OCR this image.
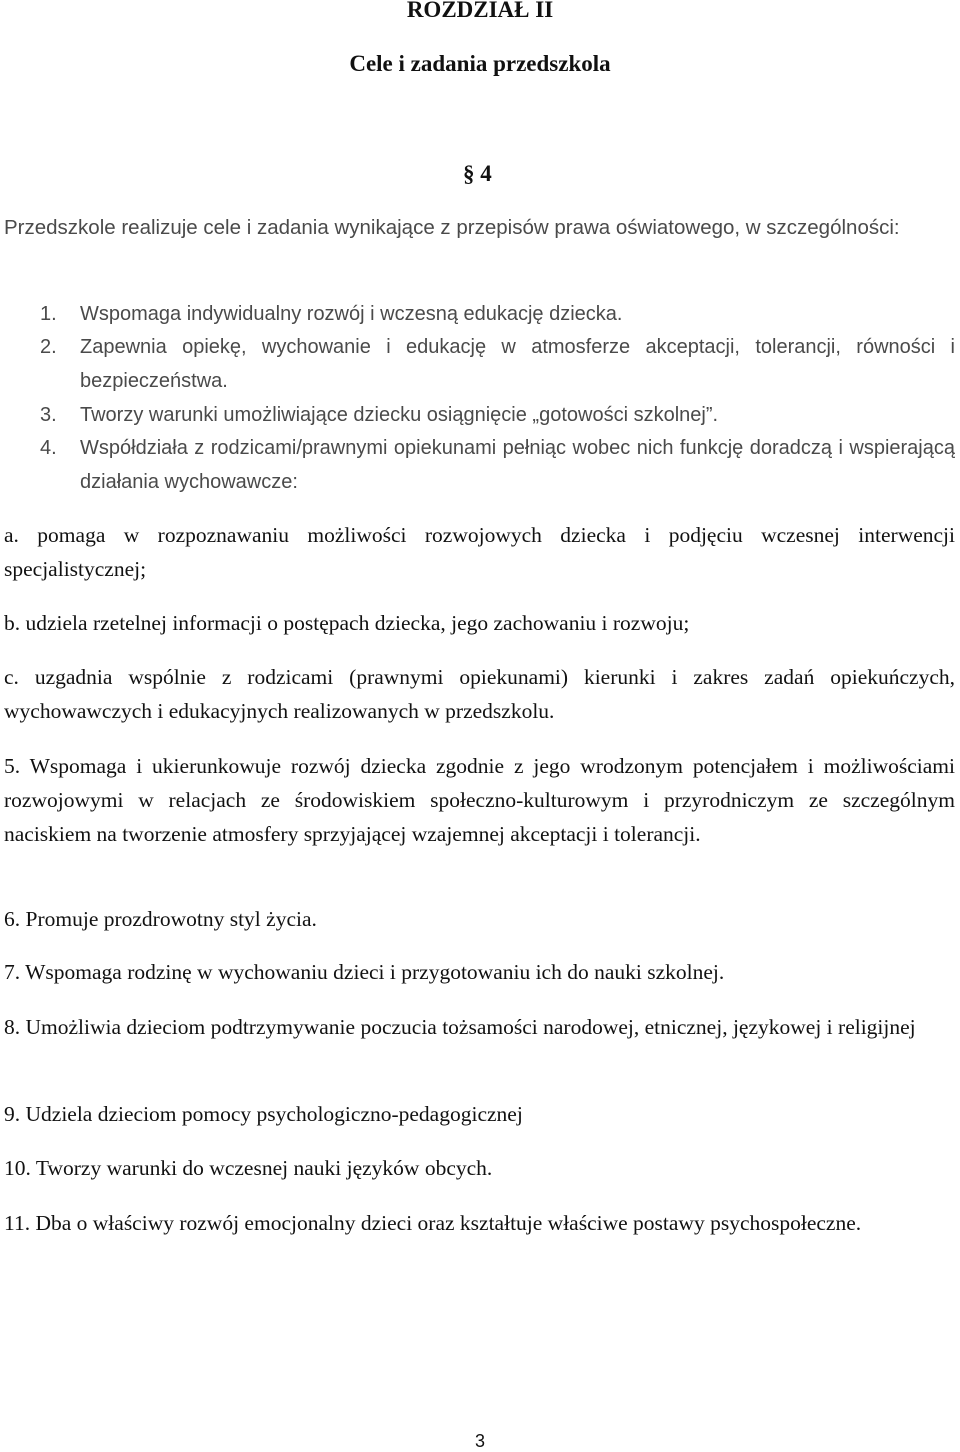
ROZDZIAŁ II
Cele i zadania przedszkola
§ 4

Przedszkole realizuje cele i zadania wynikające z przepisów prawa oświatowego, w szczególności:

1.	Wspomaga indywidualny rozwój i wczesną edukację dziecka.
2.	Zapewnia opiekę, wychowanie i edukację w atmosferze akceptacji, tolerancji, równości i bezpieczeństwa.
3.	Tworzy warunki umożliwiające dziecku osiągnięcie „gotowości szkolnej”.
4.	Współdziała z rodzicami/prawnymi opiekunami pełniąc wobec nich funkcję doradczą i wspierającą działania wychowawcze:

a. pomaga w rozpoznawaniu możliwości rozwojowych dziecka i podjęciu wczesnej interwencji specjalistycznej;

b. udziela rzetelnej informacji o postępach dziecka, jego zachowaniu i rozwoju;

c. uzgadnia wspólnie z rodzicami (prawnymi opiekunami) kierunki i zakres zadań opiekuńczych, wychowawczych i edukacyjnych realizowanych w przedszkolu.

5. Wspomaga i ukierunkowuje rozwój dziecka zgodnie z jego wrodzonym potencjałem i możliwościami rozwojowymi w relacjach ze środowiskiem społeczno-kulturowym i przyrodniczym ze szczególnym naciskiem na tworzenie atmosfery sprzyjającej wzajemnej akceptacji i tolerancji.

6. Promuje prozdrowotny styl życia.

7. Wspomaga rodzinę w wychowaniu dzieci i przygotowaniu ich do nauki szkolnej.

8. Umożliwia dzieciom podtrzymywanie poczucia tożsamości narodowej, etnicznej, językowej i religijnej

9. Udziela dzieciom pomocy psychologiczno-pedagogicznej

10. Tworzy warunki do wczesnej nauki języków obcych.

11. Dba o właściwy rozwój emocjonalny dzieci oraz kształtuje właściwe postawy psychospołeczne.

3
